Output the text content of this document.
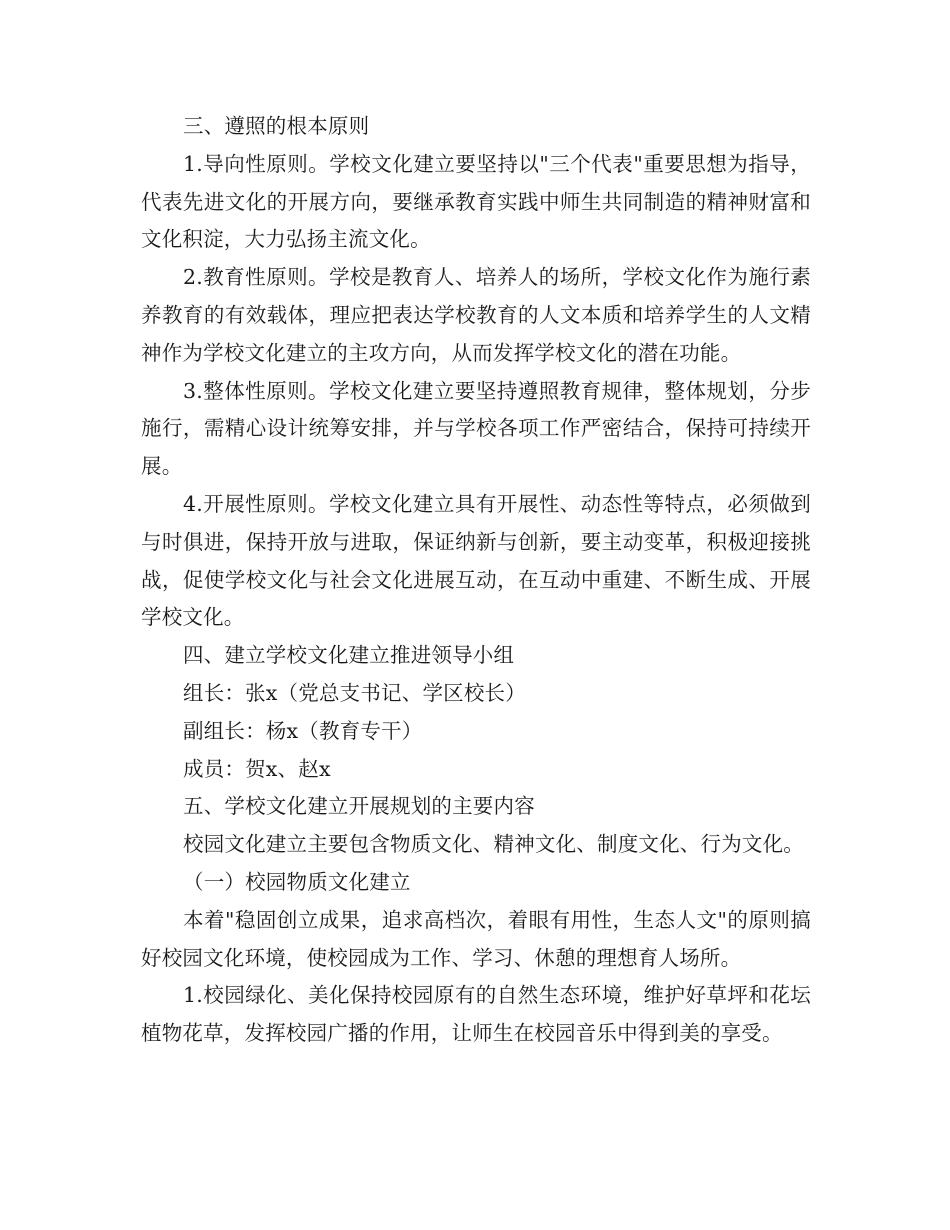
三、遵照的根本原则

1.导向性原则。学校文化建立要坚持以"三个代表"重要思想为指导，代表先进文化的开展方向，要继承教育实践中师生共同制造的精神财富和文化积淀，大力弘扬主流文化。

2.教育性原则。学校是教育人、培养人的场所，学校文化作为施行素养教育的有效载体，理应把表达学校教育的人文本质和培养学生的人文精神作为学校文化建立的主攻方向，从而发挥学校文化的潜在功能。

3.整体性原则。学校文化建立要坚持遵照教育规律，整体规划，分步施行，需精心设计统筹安排，并与学校各项工作严密结合，保持可持续开展。

4.开展性原则。学校文化建立具有开展性、动态性等特点，必须做到与时俱进，保持开放与进取，保证纳新与创新，要主动变革，积极迎接挑战，促使学校文化与社会文化进展互动，在互动中重建、不断生成、开展学校文化。

四、建立学校文化建立推进领导小组

组长：张x（党总支书记、学区校长）

副组长：杨x（教育专干）

成员：贺x、赵x

五、学校文化建立开展规划的主要内容

校园文化建立主要包含物质文化、精神文化、制度文化、行为文化。

（一）校园物质文化建立

本着"稳固创立成果，追求高档次，着眼有用性，生态人文"的原则搞好校园文化环境，使校园成为工作、学习、休憩的理想育人场所。

1.校园绿化、美化保持校园原有的自然生态环境，维护好草坪和花坛植物花草，发挥校园广播的作用，让师生在校园音乐中得到美的享受。
